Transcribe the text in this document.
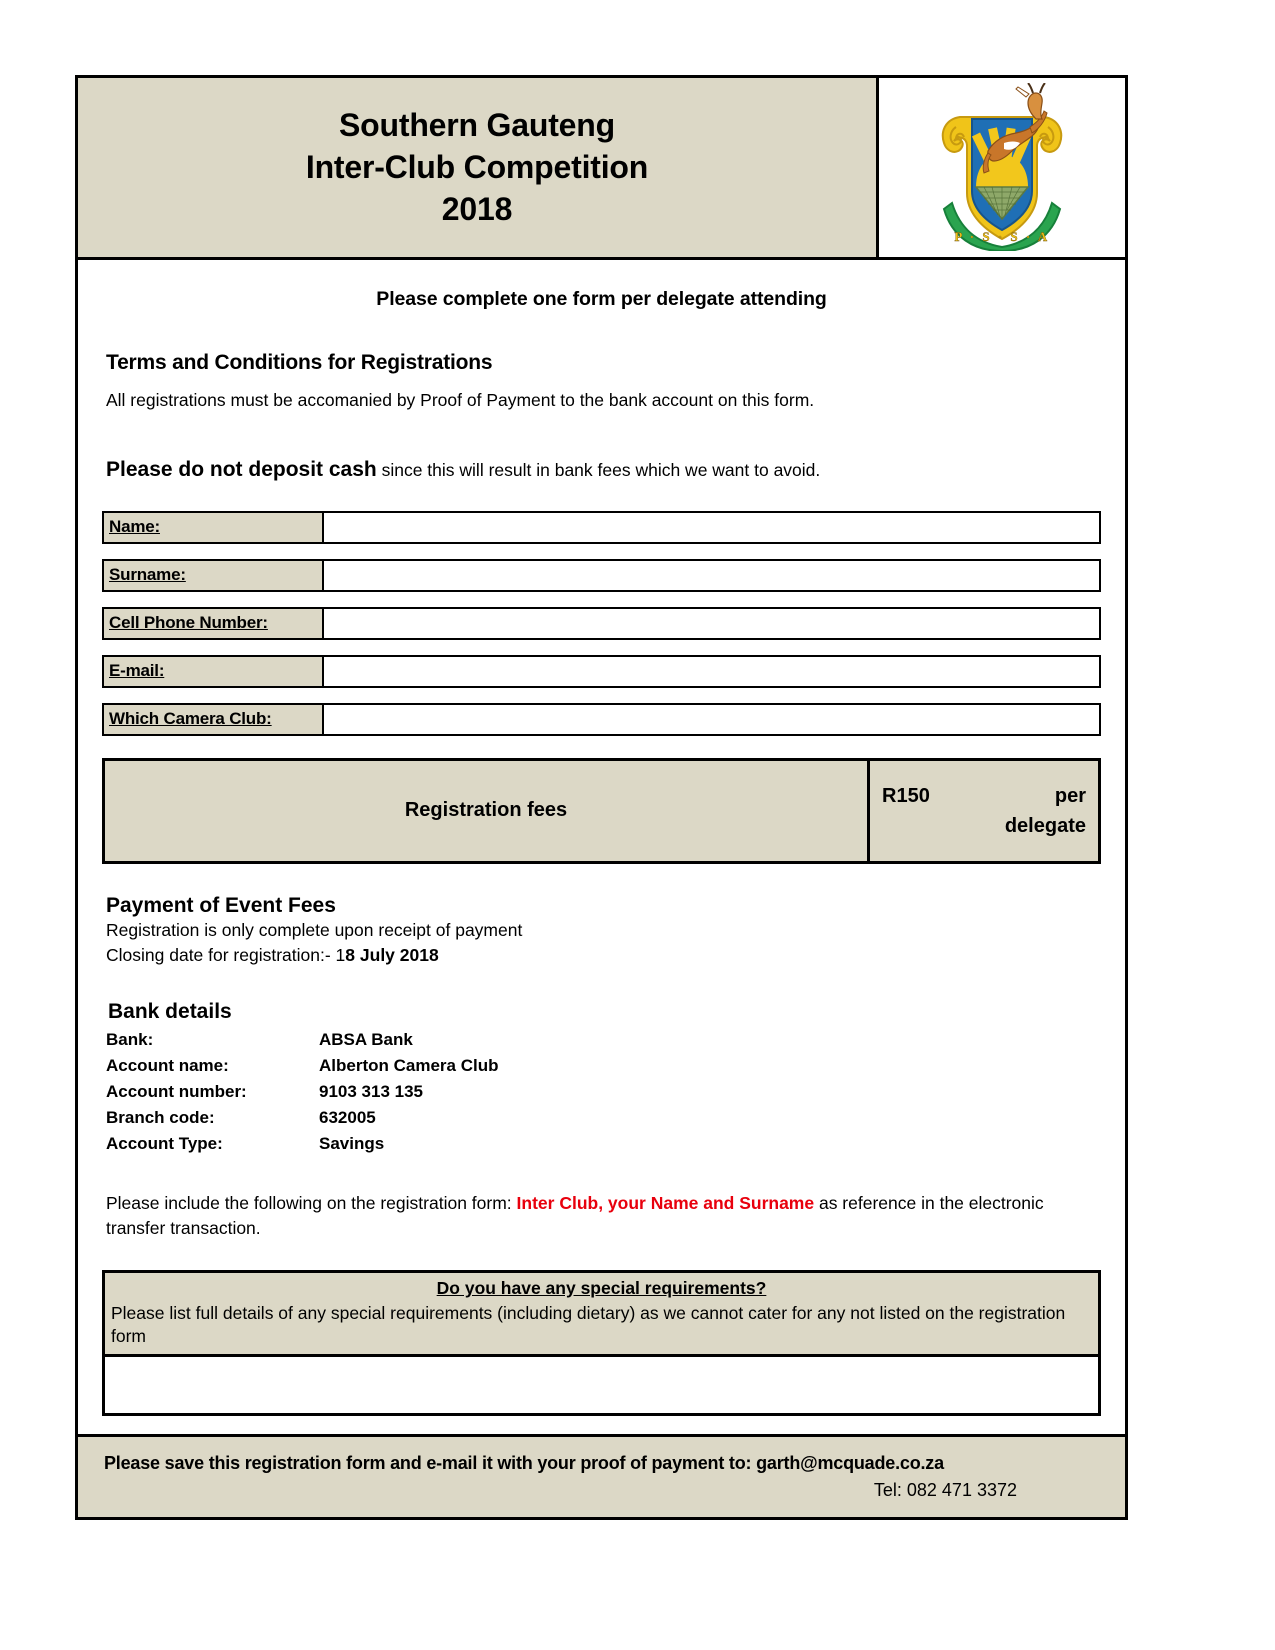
Southern Gauteng
Inter-Club Competition
2018
P · S · S · A
Please complete one form per delegate attending
Terms and Conditions for Registrations
All registrations must be accomanied by Proof of Payment to the bank account on this form.
Please do not deposit cash since this will result in bank fees which we want to avoid.
Name:
Surname:
Cell Phone Number:
E-mail:
Which Camera Club:
Registration fees
R150	per
delegate
Payment of Event Fees
Registration is only complete upon receipt of payment
Closing date for registration:- 18 July 2018
Bank details
Bank:	ABSA Bank
Account name:	Alberton Camera Club
Account number:	9103 313 135
Branch code:	632005
Account Type:	Savings
Please include the following on the registration form: Inter Club, your Name and Surname as reference in the electronic transfer transaction.
Do you have any special requirements?
Please list full details of any special requirements (including dietary) as we cannot cater for any not listed on the registration form
Please save this registration form and e-mail it with your proof of payment to: garth@mcquade.co.za
Tel: 082 471 3372
